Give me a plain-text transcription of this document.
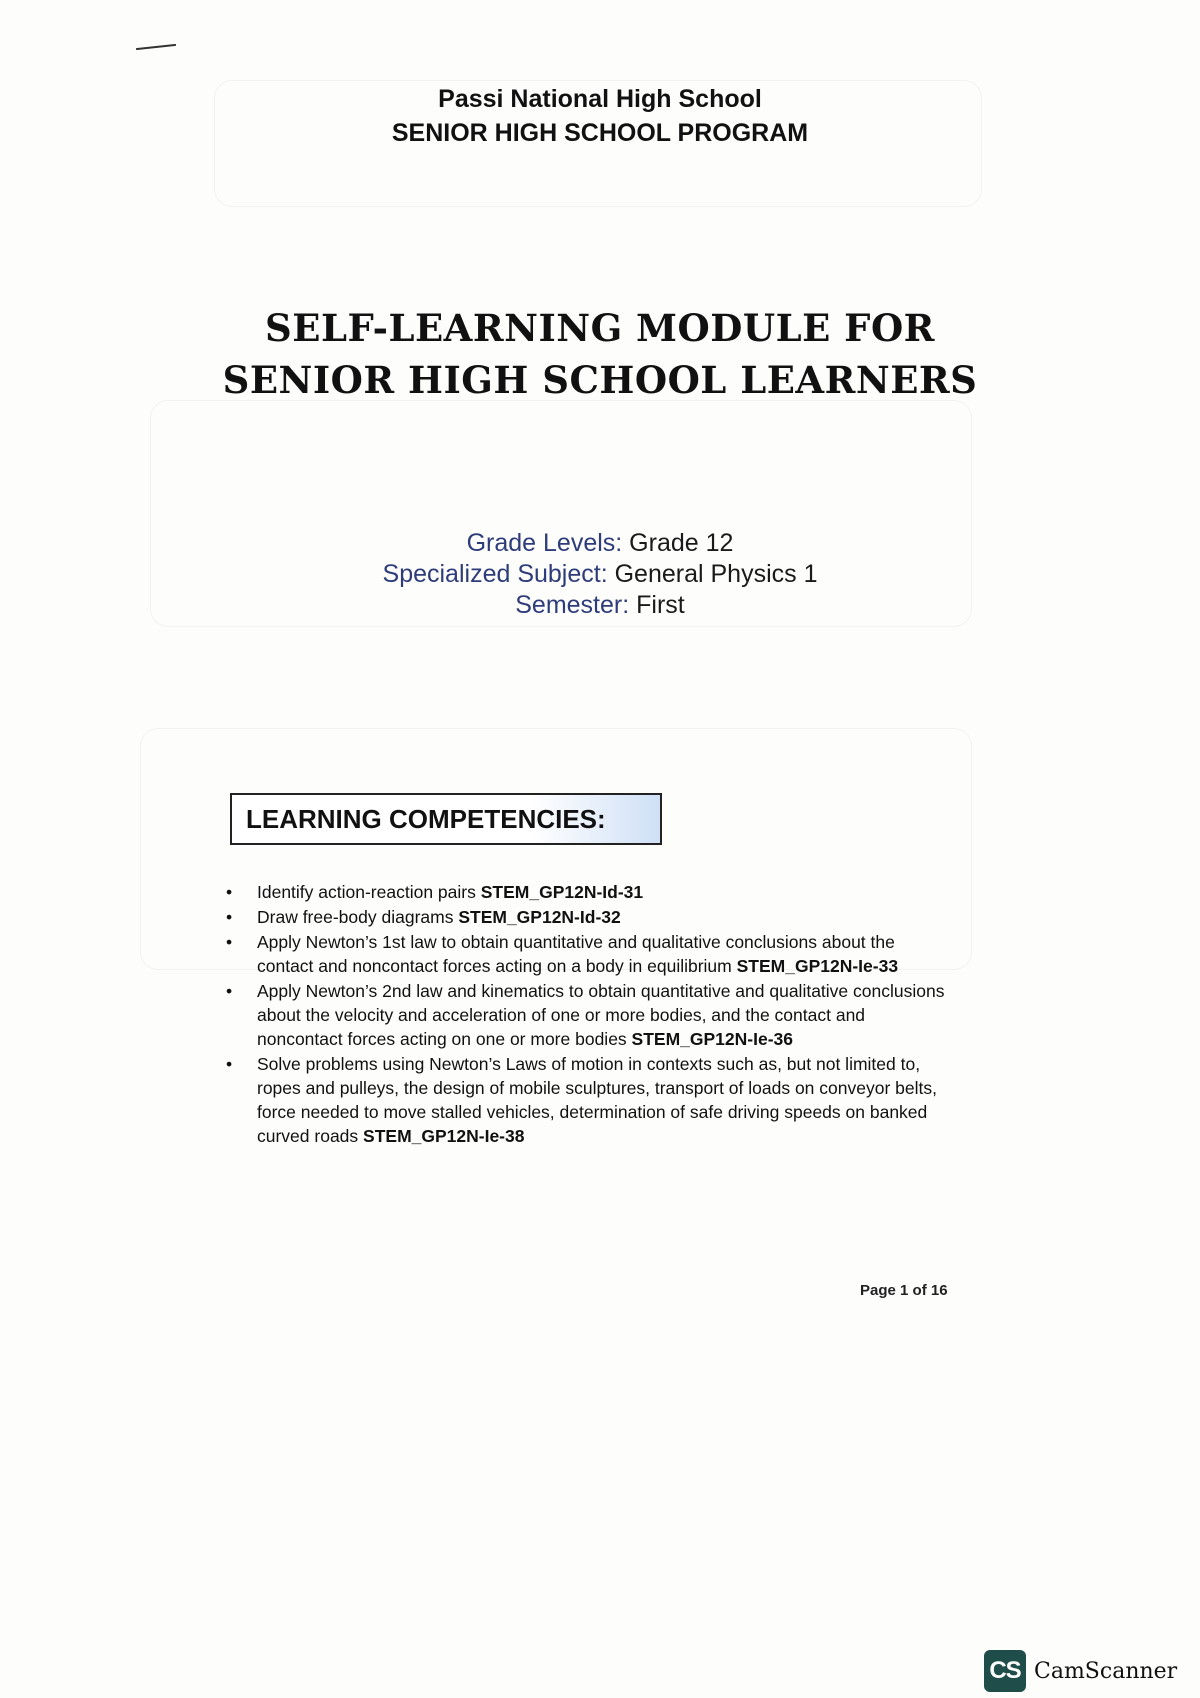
Passi National High School
SENIOR HIGH SCHOOL PROGRAM
SELF-LEARNING MODULE FOR
SENIOR HIGH SCHOOL LEARNERS
Grade Levels: Grade 12
Specialized Subject: General Physics 1
Semester: First
LEARNING COMPETENCIES:
• Identify action-reaction pairs STEM_GP12N-Id-31
• Draw free-body diagrams STEM_GP12N-Id-32
• Apply Newton’s 1st law to obtain quantitative and qualitative conclusions about the contact and noncontact forces acting on a body in equilibrium STEM_GP12N-Ie-33
• Apply Newton’s 2nd law and kinematics to obtain quantitative and qualitative conclusions about the velocity and acceleration of one or more bodies, and the contact and noncontact forces acting on one or more bodies STEM_GP12N-Ie-36
• Solve problems using Newton’s Laws of motion in contexts such as, but not limited to, ropes and pulleys, the design of mobile sculptures, transport of loads on conveyor belts, force needed to move stalled vehicles, determination of safe driving speeds on banked curved roads STEM_GP12N-Ie-38
Page 1 of 16
CS CamScanner
